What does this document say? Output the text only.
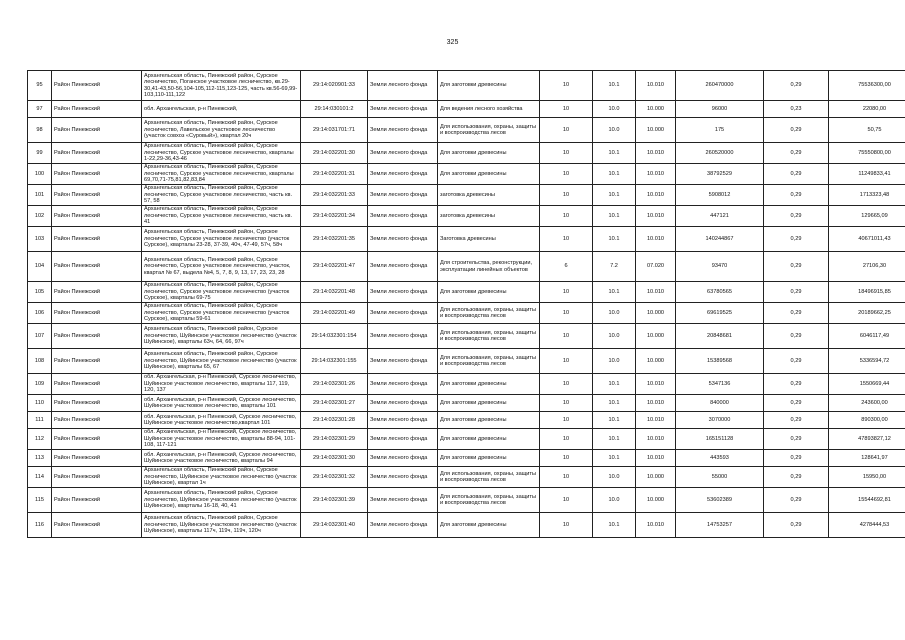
325
95	Район Пинежский	Архангельская область, Пинежский район, Сурское лесничество, Поганское участковое лесничество, кв.29-30,41-43,50-56,104-105,112-115,123-125, часть кв.56-69,99-103,110-111,122	29:14:020901:33	Земли лесного фонда	Для заготовки древесины	10	10.1	10.010	260470000	0,29	75536300,00
97	Район Пинежский	обл. Архангельская, р-н Пинежский,	29:14:030101:2	Земли лесного фонда	Для ведения лесного хозяйства	10	10.0	10.000	96000	0,23	22080,00
98	Район Пинежский	Архангельская область, Пинежский район, Сурское лесничество, Лавельское участковое лесничество (участок совхоз «Суровый»), квартал 20ч	29:14:031701:71	Земли лесного фонда	Для использования, охраны, защиты и воспроизводства лесов	10	10.0	10.000	175	0,29	50,75
99	Район Пинежский	Архангельская область, Пинежский район, Сурское лесничество, Сурское участковое лесничество, кварталы 1-22,29-36,43-46	29:14:032201:30	Земли лесного фонда	Для заготовки древесины	10	10.1	10.010	260520000	0,29	75550800,00
100	Район Пинежский	Архангельская область, Пинежский район, Сурское лесничество, Сурское участковое лесничество, кварталы 69,70,71-75,81,82,83,84	29:14:032201:31	Земли лесного фонда	Для заготовки древесины	10	10.1	10.010	38792529	0,29	11249833,41
101	Район Пинежский	Архангельская область, Пинежский район, Сурское лесничество, Сурское участковое лесничество, часть кв. 57, 58	29:14:032201:33	Земли лесного фонда	заготовка древесины	10	10.1	10.010	5908012	0,29	1713323,48
102	Район Пинежский	Архангельская область, Пинежский район, Сурское лесничество, Сурское участковое лесничество, часть кв. 41	29:14:032201:34	Земли лесного фонда	заготовка древесины	10	10.1	10.010	447121	0,29	129665,09
103	Район Пинежский	Архангельская область, Пинежский район, Сурское лесничество, Сурское участковое лесничество (участок Сурское), кварталы 23-28, 37-39, 40ч, 47-49, 57ч, 58ч	29:14:032201:35	Земли лесного фонда	Заготовка древесины	10	10.1	10.010	140244867	0,29	40671011,43
104	Район Пинежский	Архангельская область, Пинежский район, Сурское лесничество, Сурское участковое лесничество, участок, квартал № 67, выдела №4, 5, 7, 8, 9, 13, 17, 23, 23, 28	29:14:032201:47	Земли лесного фонда	Для строительства, реконструкции, эксплуатации линейных объектов	6	7.2	07.020	93470	0,29	27106,30
105	Район Пинежский	Архангельская область, Пинежский район, Сурское лесничество, Сурское участковое лесничество (участок Сурское), кварталы 69-75	29:14:032201:48	Земли лесного фонда	Для заготовки древесины	10	10.1	10.010	63780565	0,29	18496915,85
106	Район Пинежский	Архангельская область, Пинежский район, Сурское лесничество, Сурское участковое лесничество (участок Сурское), кварталы 59-61	29:14:032201:49	Земли лесного фонда	Для использования, охраны, защиты и воспроизводства лесов	10	10.0	10.000	69619525	0,29	20189662,25
107	Район Пинежский	Архангельская область, Пинежский район, Сурское лесничество, Шуйинское участковое лесничество (участок Шуйинское), кварталы 63ч, 64, 66, 97ч	29:14:032301:154	Земли лесного фонда	Для использования, охраны, защиты и воспроизводства лесов	10	10.0	10.000	20848681	0,29	6046117,49
108	Район Пинежский	Архангельская область, Пинежский район, Сурское лесничество, Шуйинское участковое лесничество (участок Шуйинское), кварталы 65, 67	29:14:032301:155	Земли лесного фонда	Для использования, охраны, защиты и воспроизводства лесов	10	10.0	10.000	15389568	0,29	5336594,72
109	Район Пинежский	обл. Архангельская, р-н Пинежский, Сурское лесничество, Шуйинское участковое лесничество, кварталы 117, 119, 120, 137	29:14:032301:26	Земли лесного фонда	Для заготовки древесины	10	10.1	10.010	5347136	0,29	1550669,44
110	Район Пинежский	обл. Архангельская, р-н Пинежский, Сурское лесничество, Шуйинское участковое лесничество, кварталы 101	29:14:032301:27	Земли лесного фонда	Для заготовки древесины	10	10.1	10.010	840000	0,29	243600,00
111	Район Пинежский	обл. Архангельская, р-н Пинежский, Сурское лесничество, Шуйинское участковое лесничество,квартал 101	29:14:032301:28	Земли лесного фонда	Для заготовки древесины	10	10.1	10.010	3070000	0,29	890300,00
112	Район Пинежский	обл. Архангельская, р-н Пинежский, Сурское лесничество, Шуйинское участковое лесничество, кварталы 88-94, 101-108, 117-121	29:14:032301:29	Земли лесного фонда	Для заготовки древесины	10	10.1	10.010	165151128	0,29	47893827,12
113	Район Пинежский	обл. Архангельская, р-н Пинежский, Сурское лесничество, Шуйинское участковое лесничество, кварталы 94	29:14:032301:30	Земли лесного фонда	Для заготовки древесины	10	10.1	10.010	443593	0,29	128641,97
114	Район Пинежский	Архангельская область, Пинежский район, Сурское лесничество, Шуйинское участковое лесничество (участок Шуйинское), квартал 1ч	29:14:032301:32	Земли лесного фонда	Для использования, охраны, защиты и воспроизводства лесов	10	10.0	10.000	55000	0,29	15950,00
115	Район Пинежский	Архангельская область, Пинежский район, Сурское лесничество, Шуйинское участковое лесничество (участок Шуйинское), кварталы 16-18, 40, 41	29:14:032301:39	Земли лесного фонда	Для использования, охраны, защиты и воспроизводства лесов	10	10.0	10.000	53602389	0,29	15544692,81
116	Район Пинежский	Архангельская область, Пинежский район, Сурское лесничество, Шуйинское участковое лесничество (участок Шуйинское), кварталы 117ч, 119ч, 119ч, 120ч	29:14:032301:40	Земли лесного фонда	Для заготовки древесины	10	10.1	10.010	14753257	0,29	4278444,53
